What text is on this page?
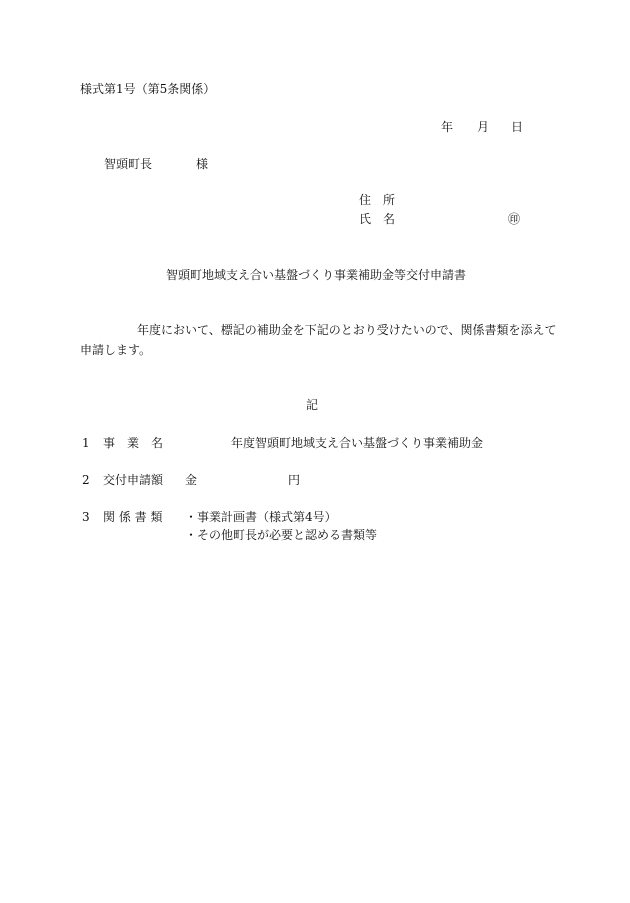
様式第1号（第5条関係）
年 月 日
智頭町長	様
住　所
氏　名	㊞
智頭町地域支え合い基盤づくり事業補助金等交付申請書
年度において、標記の補助金を下記のとおり受けたいので、関係書類を添えて
申請します。
記
1 事　業　名	年度智頭町地域支え合い基盤づくり事業補助金
2 交付申請額 金	円
3 関 係 書 類 ・事業計画書（様式第4号）
・その他町長が必要と認める書類等
